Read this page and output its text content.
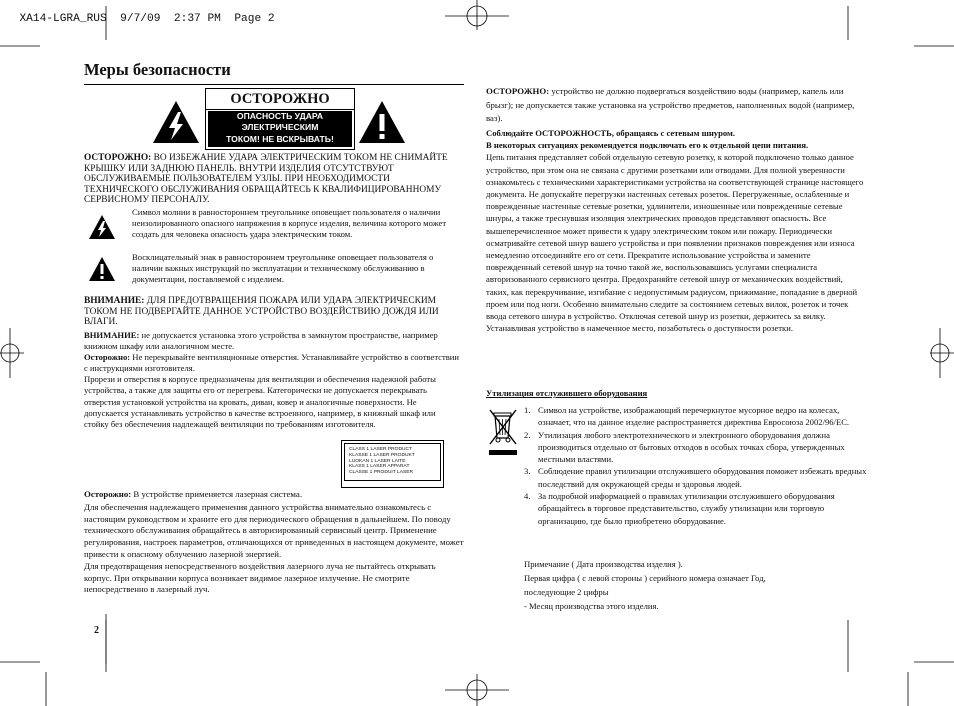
XA14-LGRA_RUS 9/7/09 2:37 PM Page 2

Меры безопасности
ОСТОРОЖНО
ОПАСНОСТЬ УДАРА
ЭЛЕКТРИЧЕСКИМ
ТОКОМ! НЕ ВСКРЫВАТЬ!
ОСТОРОЖНО: ВО ИЗБЕЖАНИЕ УДАРА ЭЛЕКТРИЧЕСКИМ ТОКОМ НЕ СНИМАЙТЕ КРЫШКУ ИЛИ ЗАДНЮЮ ПАНЕЛЬ. ВНУТРИ ИЗДЕЛИЯ ОТСУТСТВУЮТ ОБСЛУЖИВАЕМЫЕ ПОЛЬЗОВАТЕЛЕМ УЗЛЫ. ПРИ НЕОБХОДИМОСТИ ТЕХНИЧЕСКОГО ОБСЛУЖИВАНИЯ ОБРАЩАЙТЕСЬ К КВАЛИФИЦИРОВАННОМУ СЕРВИСНОМУ ПЕРСОНАЛУ.
Символ молнии в равностороннем треугольнике оповещает пользователя о наличии неизолированного опасного напряжения в корпусе изделия, величина которого может создать для человека опасность удара электрическим током.
Восклицательный знак в равностороннем треугольнике оповещает пользователя о наличии важных инструкций по эксплуатации и техническому обслуживанию в документации, поставляемой с изделием.
ВНИМАНИЕ: ДЛЯ ПРЕДОТВРАЩЕНИЯ ПОЖАРА ИЛИ УДАРА ЭЛЕКТРИЧЕСКИМ ТОКОМ НЕ ПОДВЕРГАЙТЕ ДАННОЕ УСТРОЙСТВО ВОЗДЕЙСТВИЮ ДОЖДЯ ИЛИ ВЛАГИ.

ВНИМАНИЕ: не допускается установка этого устройства в замкнутом пространстве, например книжном шкафу или аналогичном месте.

Осторожно: Не перекрывайте вентиляционные отверстия. Устанавливайте устройство в соответствии с инструкциями изготовителя.

Прорези и отверстия в корпусе предназначены для вентиляции и обеспечения надежной работы устройства, а также для защиты его от перегрева. Категорически не допускается перекрывать отверстия установкой устройства на кровать, диван, ковер и аналогичные поверхности. Не допускается устанавливать устройство в качестве встроенного, например, в книжный шкаф или стойку без обеспечения надлежащей вентиляции по требованиям изготовителя.

CLASS 1 LASER PRODUCT
KLASSE 1 LASER PRODUKT
LUOKAN 1 LASER LAITE
KLASS 1 LASER APPARAT
CLASSE 1 PRODUIT LASER

Осторожно: В устройстве применяется лазерная система.

Для обеспечения надлежащего применения данного устройства внимательно ознакомьтесь с настоящим руководством и храните его для периодического обращения в дальнейшем. По поводу технического обслуживания обращайтесь в авторизированный сервисный центр. Применение регулирования, настроек параметров, отличающихся от приведенных в настоящем документе, может привести к опасному облучению лазерной энергией.

Для предотвращения непосредственного воздействия лазерного луча не пытайтесь открывать корпус. При открывании корпуса возникает видимое лазерное излучение. Не смотрите непосредственно в лазерный луч.

2
ОСТОРОЖНО: устройство не должно подвергаться воздействию воды (например, капель или брызг); не допускается также установка на устройство предметов, наполненных водой (например, ваз).

Соблюдайте ОСТОРОЖНОСТЬ, обращаясь с сетевым шнуром.

В некоторых ситуациях рекомендуется подключать его к отдельной цепи питания.

Цепь питания представляет собой отдельную сетевую розетку, к которой подключено только данное устройство, при этом она не связана с другими розетками или отводами. Для полной уверенности ознакомьтесь с техническими характеристиками устройства на соответствующей странице настоящего документа. Не допускайте перегрузки настенных сетевых розеток. Перегруженные, ослабленные и поврежденные настенные сетевые розетки, удлинители, изношенные или поврежденные сетевые шнуры, а также треснувшая изоляция электрических проводов представляют опасность. Все вышеперечисленное может привести к удару электрическим током или пожару. Периодически осматривайте сетевой шнур вашего устройства и при появлении признаков повреждения или износа немедленно отсоединяйте его от сети. Прекратите использование устройства и замените поврежденный сетевой шнур на точно такой же, воспользовавшись услугами специалиста авторизованного сервисного центра. Предохраняйте сетевой шнур от механических воздействий, таких, как перекручивание, изгибание с недопустимым радиусом, прижимание, попадание в дверной проем или под ноги. Особенно внимательно следите за состоянием сетевых вилок, розеток и точек ввода сетевого шнура в устройство. Отключая сетевой шнур из розетки, держитесь за вилку. Устанавливая устройство в намеченное место, позаботьтесь о доступности розетки.

Утилизация отслужившего оборудования
1. Символ на устройстве, изображающий перечеркнутое мусорное ведро на колесах, означает, что на данное изделие распространяется директива Евросоюза 2002/96/EC.
2. Утилизация любого электротехнического и электронного оборудования должна производиться отдельно от бытовых отходов в особых точках сбора, утвержденных местными властями.
3. Соблюдение правил утилизации отслужившего оборудования поможет избежать вредных последствий для окружающей среды и здоровья людей.
4. За подробной информацией о правилах утилизации отслужившего оборудования обращайтесь в торговое представительство, службу утилизации или торговую организацию, где было приобретено оборудование.

Примечание ( Дата производства изделия ).

Первая цифра ( с левой стороны ) серийного номера означает Год,

последующие 2 цифры

- Месяц производства этого изделия.
